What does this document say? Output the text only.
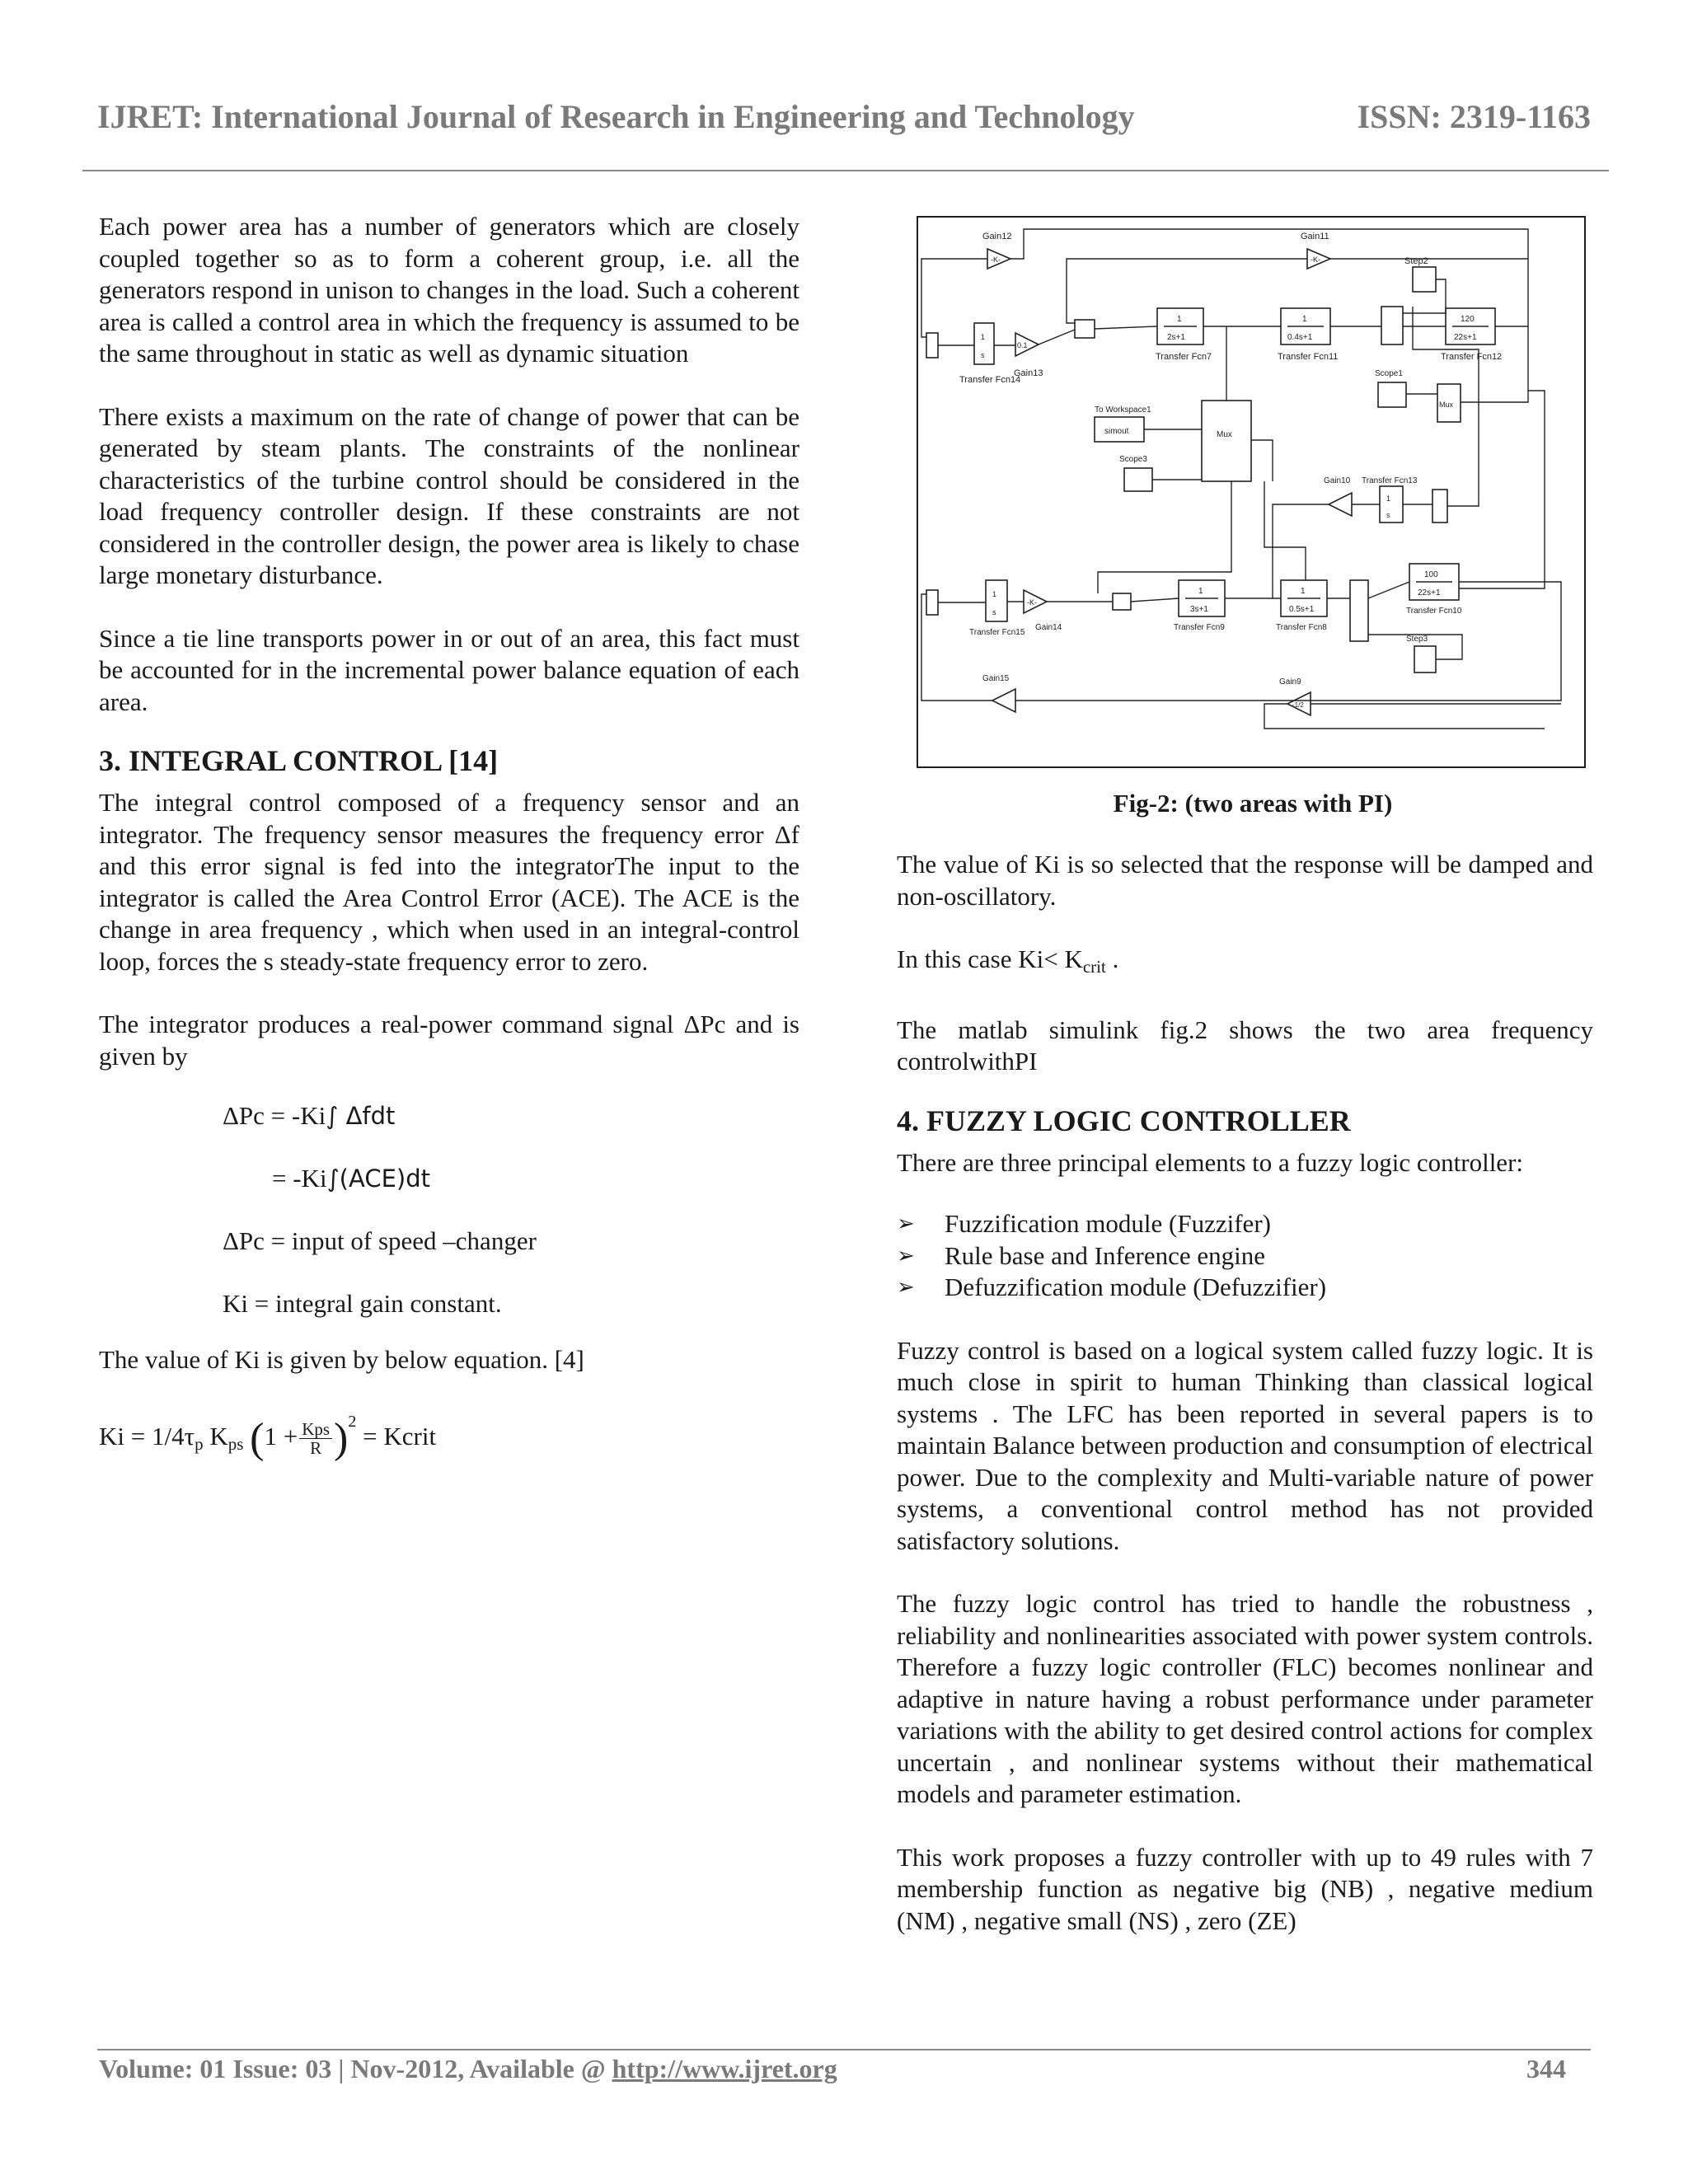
IJRET: International Journal of Research in Engineering and Technology	ISSN: 2319-1163

Each power area has a number of generators which are closely coupled together so as to form a coherent group, i.e. all the generators respond in unison to changes in the load. Such a coherent area is called a control area in which the frequency is assumed to be the same throughout in static as well as dynamic situation

There exists a maximum on the rate of change of power that can be generated by steam plants. The constraints of the nonlinear characteristics of the turbine control should be considered in the load frequency controller design. If these constraints are not considered in the controller design, the power area is likely to chase large monetary disturbance.

Since a tie line transports power in or out of an area, this fact must be accounted for in the incremental power balance equation of each area.

3. INTEGRAL CONTROL [14]

The integral control composed of a frequency sensor and an integrator. The frequency sensor measures the frequency error Δf and this error signal is fed into the integratorThe input to the integrator is called the Area Control Error (ACE). The ACE is the change in area frequency , which when used in an integral-control loop, forces the s steady-state frequency error to zero.

The integrator produces a real-power command signal ΔPc and is given by

ΔPc = -Ki∫ Δfdt

= -Ki∫(ACE)dt

ΔPc = input of speed –changer

Ki = integral gain constant.

The value of Ki is given by below equation. [4]

$Ki = 1/4\tau_p$ $K_{ps}$ $(1 + \frac{\text{Kps}}{R} )^2$ = Kcrit

Gain12
-K-
Gain11
-K-	Step2
1
s
Transfer Fcn14
0.1
Gain13
1
2s+1
Transfer Fcn7
1
0.4s+1
Transfer Fcn11
120
22s+1
Transfer Fcn12
To Workspace1
simout	Mux
Scope3
Scope1
Mux
Gain10
1
s
Transfer Fcn13
1
s
Transfer Fcn15
-K-
Gain14
1
3s+1
Transfer Fcn9
1
0.5s+1
Transfer Fcn8
100
22s+1
Transfer Fcn10
Step3
Gain15
-1/2
Gain9
Fig-2: (two areas with PI)

The value of Ki is so selected that the response will be damped and non-oscillatory.

In this case $Ki< K_{crit}$ .

The matlab simulink fig.2 shows the two area frequency controlwithPI

4. FUZZY LOGIC CONTROLLER

There are three principal elements to a fuzzy logic controller:

➢ Fuzzification module (Fuzzifer)
➢ Rule base and Inference engine
➢ Defuzzification module (Defuzzifier)

Fuzzy control is based on a logical system called fuzzy logic. It is much close in spirit to human Thinking than classical logical systems . The LFC has been reported in several papers is to maintain Balance between production and consumption of electrical power. Due to the complexity and Multi-variable nature of power systems, a conventional control method has not provided satisfactory solutions.

The fuzzy logic control has tried to handle the robustness , reliability and nonlinearities associated with power system controls. Therefore a fuzzy logic controller (FLC) becomes nonlinear and adaptive in nature having a robust performance under parameter variations with the ability to get desired control actions for complex uncertain , and nonlinear systems without their mathematical models and parameter estimation.

This work proposes a fuzzy controller with up to 49 rules with 7 membership function as negative big (NB) , negative medium (NM) , negative small (NS) , zero (ZE)

Volume: 01 Issue: 03 | Nov-2012, Available @ http://www.ijret.org	344
